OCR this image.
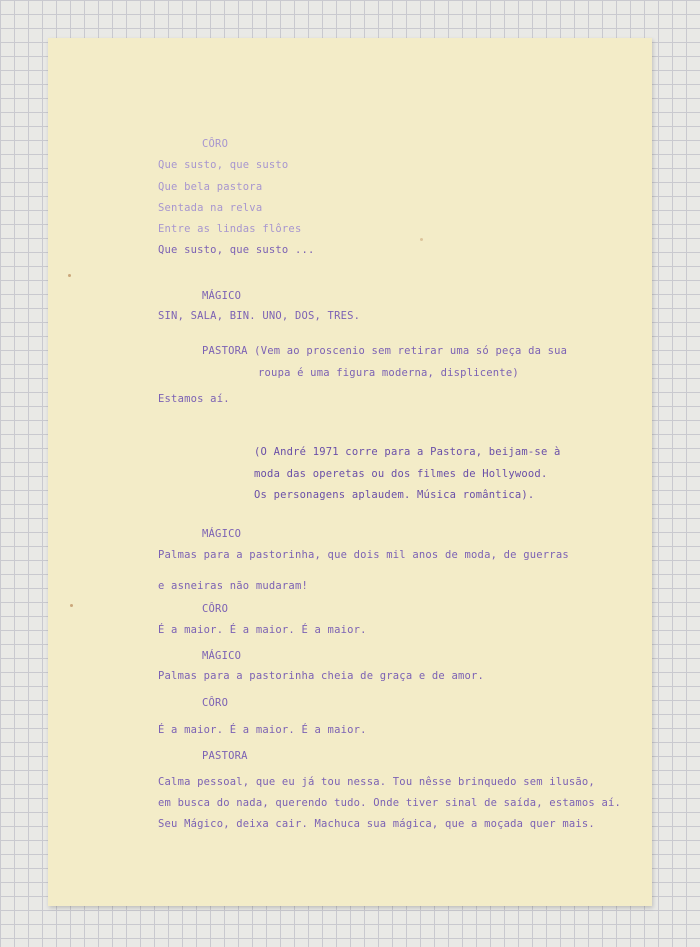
CÔRO
Que susto, que susto
Que bela pastora
Sentada na relva
Entre as lindas flôres
Que susto, que susto ...
MÁGICO
SIN, SALA, BIN. UNO, DOS, TRES.
PASTORA (Vem ao proscenio sem retirar uma só peça da sua
roupa é uma figura moderna, displicente)
Estamos aí.
(O André 1971 corre para a Pastora, beijam-se à
moda das operetas ou dos filmes de Hollywood.
Os personagens aplaudem. Música romântica).
MÁGICO
Palmas para a pastorinha, que dois mil anos de moda, de guerras
e asneiras não mudaram!
CÔRO
É a maior. É a maior. É a maior.
MÁGICO
Palmas para a pastorinha cheia de graça e de amor.
CÔRO
É a maior. É a maior. É a maior.
PASTORA
Calma pessoal, que eu já tou nessa. Tou nêsse brinquedo sem ilusão,
em busca do nada, querendo tudo. Onde tiver sinal de saída, estamos aí.
Seu Mágico, deixa cair. Machuca sua mágica, que a moçada quer mais.
